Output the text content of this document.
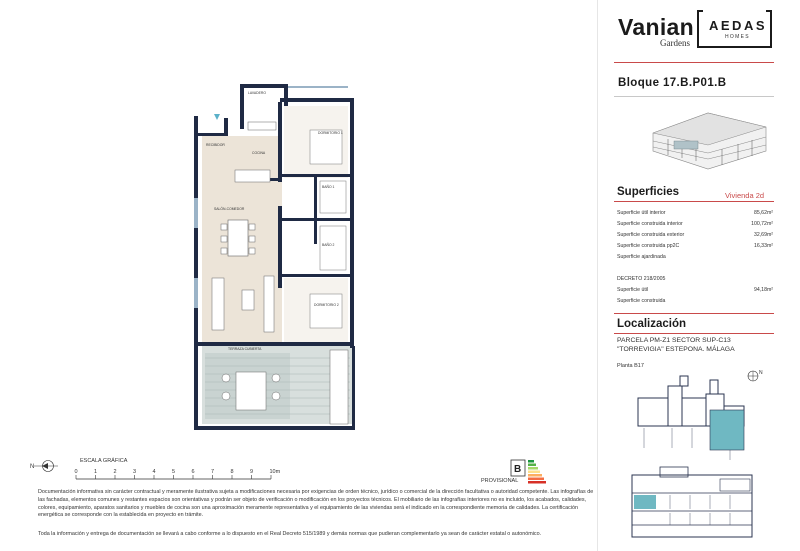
DORMITORIO 1
COCINA
RECIBIDOR
LAVADERO
BAÑO 1
SALÓN-COMEDOR
BAÑO 2
DORMITORIO 2
TERRAZA CUBIERTA
Vanian
Gardens
AEDAS
HOMES
Bloque 17.B.P01.B
Superficies	Vivienda 2d
Superficie útil interior	85,62m²
Superficie construida interior	100,72m²
Superficie construida exterior	32,69m²
Superficie construida pp2C	16,33m²
Superficie ajardinada
DECRETO 218/2005
Superficie útil	94,18m²
Superficie construida
Localización
PARCELA PM-Z1 SECTOR SUP-C13
"TORREVIGIA" ESTEPONA. MÁLAGA
Planta B17
N
N
ESCALA GRÁFICA
0	1	2	3	4	5	6	7	8	9	10m	B
PROVISIONAL
Documentación informativa sin carácter contractual y meramente ilustrativa sujeta a modificaciones necesaria por exigencias de orden técnico, jurídico o comercial de la dirección facultativa o autoridad competente. Las infografías de las fachadas, elementos comunes y restantes espacios son orientativas y podrán ser objeto de verificación o modificación en los proyectos técnicos. El mobiliario de las infografías interiores no es incluido, los acabados, calidades, colores, equipamiento, aparatos sanitarios y muebles de cocina son una aproximación meramente representativa y el equipamiento de las viviendas será el indicado en la correspondiente memoria de calidades. La certificación energética se corresponde con la establecida en proyecto en trámite.
Toda la información y entrega de documentación se llevará a cabo conforme a lo dispuesto en el Real Decreto 515/1989 y demás normas que pudieran complementarlo ya sean de carácter estatal o autonómico.
